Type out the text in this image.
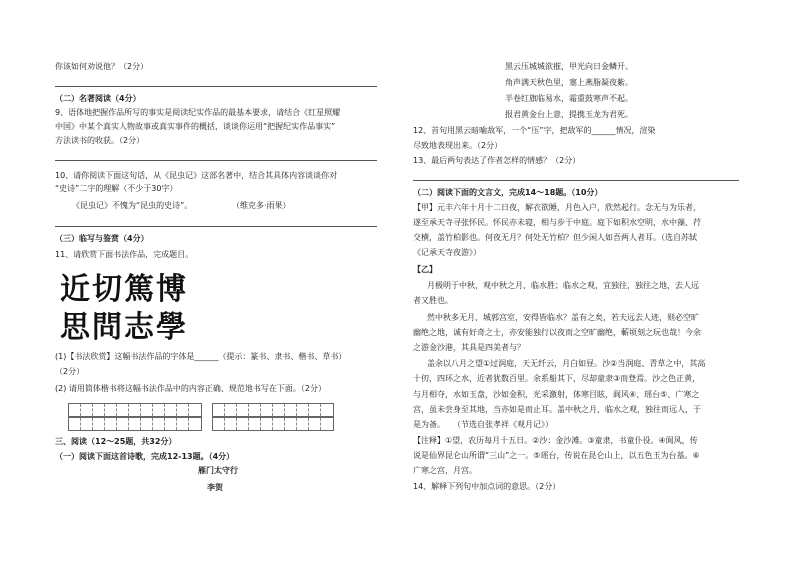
你该如何劝说他？（2分）
（二）名著阅读（4分）
9、语体地把握作品所写的事实是阅读纪实作品的最基本要求，请结合《红星照耀
中国》中某个真实人物故事或真实事件的概括，谈谈你运用“把握纪实作品事实”
方法读书的收获。（2分）
10、请你阅读下面这句话，从《昆虫记》这部名著中，结合其具体内容谈谈你对
“史诗”二字的理解（不少于30字）
《昆虫记》不愧为“昆虫的史诗”。	（维克多·雨果）
（三）临写与鉴赏（4分）
11、请欣赏下面书法作品，完成题目。
近切篤博
思問志學
(1)【书法欣赏】这幅书法作品的字体是______（提示：篆书、隶书、楷书、草书）
（2分）
(2) 请用简体楷书将这幅书法作品中的内容正确、规范地书写在下面。（2分）
三、阅读（12～25题，共32分）
（一）阅读下面这首诗歌，完成12-13题。（4分）
雁门太守行
李贺
黑云压城城欲摧，甲光向日金鳞开。
角声满天秋色里，塞上燕脂凝夜紫。
半卷红旗临易水，霜重鼓寒声不起。
报君黄金台上意，提携玉龙为君死。
12、首句用黑云暗喻敌军，一个“压”字，把敌军的______情况，渲染
尽致地表现出来。（2分）
13、最后两句表达了作者怎样的情感？（2分）
（二）阅读下面的文言文，完成14～18题。（10分）
【甲】元丰六年十月十二日夜，解衣欲睡，月色入户，欣然起行。念无与为乐者，
遂至承天寺寻张怀民。怀民亦未寝，相与步于中庭。庭下如积水空明，水中藻、荇
交横，盖竹柏影也。何夜无月？何处无竹柏？但少闲人如吾两人者耳。（选自苏轼
《记承天寺夜游》）
【乙】
月极明于中秋，观中秋之月，临水胜；临水之观，宜独往，独往之地，去人远
者又胜也。
然中秋多无月，城郭宫室，安得皆临水？盖有之矣，若夫远去人迹，则必空旷
幽绝之地，诚有好奇之士，亦安能独行以夜而之空旷幽绝，蘄顷刻之玩也哉！今余
之游金沙港，其具是四美者与？
盖余以八月之望①过润庭，天无纤云，月白如昼。沙②当润庭、青草之中，其高
十仞，四环之水，近者犹数百里。余系船其下，尽却童隶③而登焉。沙之色正黄，
与月相夺，水如玉盘，沙如金积，光采激射，体寒目眩，阆风④、瑶台⑤、广寒之
宫，虽未尝身至其地，当亦如是而止耳。盖中秋之月，临水之观，独往而远人，于
是为备。　　（节选自张孝祥《观月记》）
【注释】①望，农历每月十五日。②沙：金沙滩。③童隶，书童仆役。④阆风，传
说是仙界昆仑山所谓“三山”之一。⑤瑶台，传说在昆仑山上，以五色玉为台基。⑥
广寒之宫，月宫。
14、解释下列句中加点词的意思。（2分）
